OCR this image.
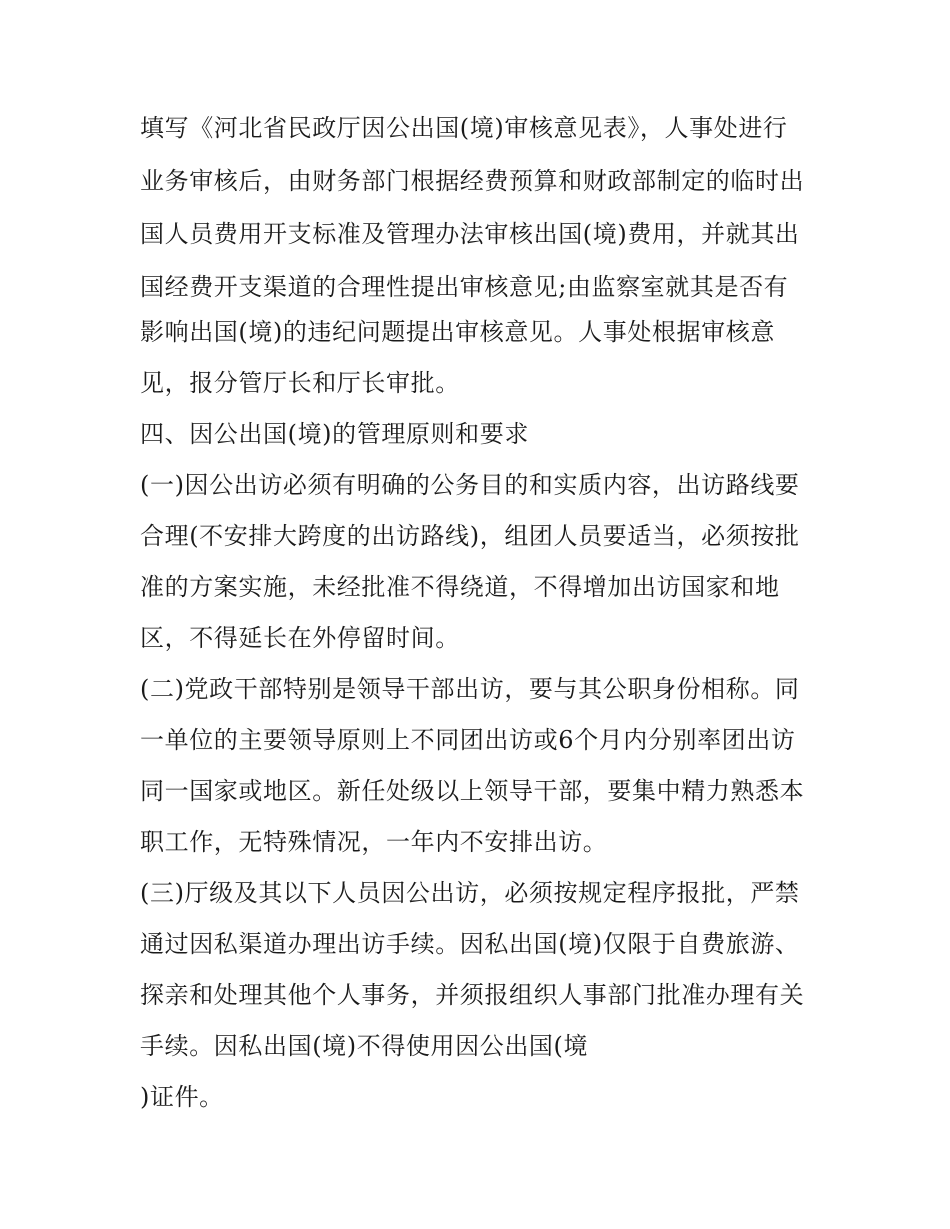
填写《河北省民政厅因公出国(境)审核意见表》，人事处进行

业务审核后，由财务部门根据经费预算和财政部制定的临时出

国人员费用开支标准及管理办法审核出国(境)费用，并就其出

国经费开支渠道的合理性提出审核意见;由监察室就其是否有

影响出国(境)的违纪问题提出审核意见。人事处根据审核意

见，报分管厅长和厅长审批。

四、因公出国(境)的管理原则和要求

(一)因公出访必须有明确的公务目的和实质内容，出访路线要

合理(不安排大跨度的出访路线)，组团人员要适当，必须按批

准的方案实施，未经批准不得绕道，不得增加出访国家和地

区，不得延长在外停留时间。

(二)党政干部特别是领导干部出访，要与其公职身份相称。同

一单位的主要领导原则上不同团出访或6个月内分别率团出访

同一国家或地区。新任处级以上领导干部，要集中精力熟悉本

职工作，无特殊情况，一年内不安排出访。

(三)厅级及其以下人员因公出访，必须按规定程序报批，严禁

通过因私渠道办理出访手续。因私出国(境)仅限于自费旅游、

探亲和处理其他个人事务，并须报组织人事部门批准办理有关

手续。因私出国(境)不得使用因公出国(境

)证件。
